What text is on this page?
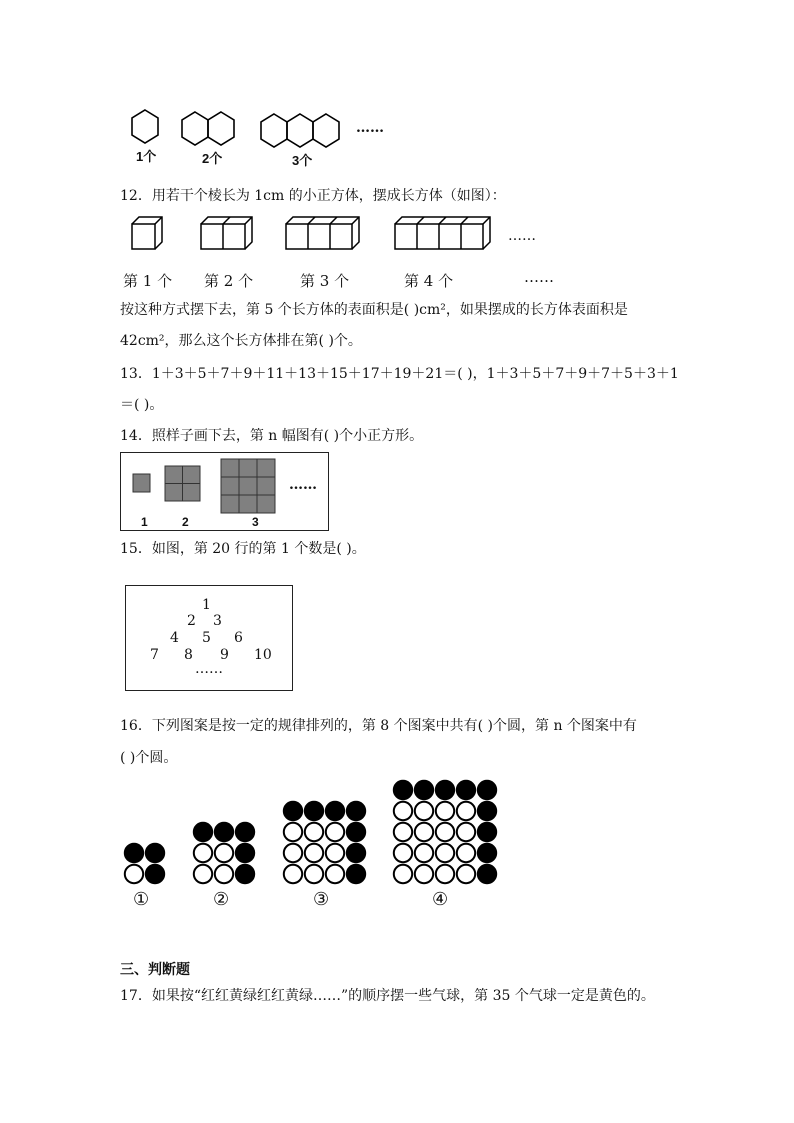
1个	2个	3个
……
12．用若干个棱长为 1cm 的小正方体，摆成长方体（如图）：
……
第 1 个 第 2 个	第 3 个	第 4 个	……
按这种方式摆下去，第 5 个长方体的表面积是( )cm²，如果摆成的长方体表面积是
42cm²，那么这个长方体排在第( )个。
13．1＋3＋5＋7＋9＋11＋13＋15＋17＋19＋21＝( )，1＋3＋5＋7＋9＋7＋5＋3＋1
＝( )。
14．照样子画下去，第 n 幅图有( )个小正方形。
1	2	3
……
15．如图，第 20 行的第 1 个数是( )。
1
2 3
4 5 6
7 8 9 10
……
16．下列图案是按一定的规律排列的，第 8 个图案中共有( )个圆，第 n 个图案中有
( )个圆。
①	②	③	④
三、判断题
17．如果按“红红黄绿红红黄绿……”的顺序摆一些气球，第 35 个气球一定是黄色的。
